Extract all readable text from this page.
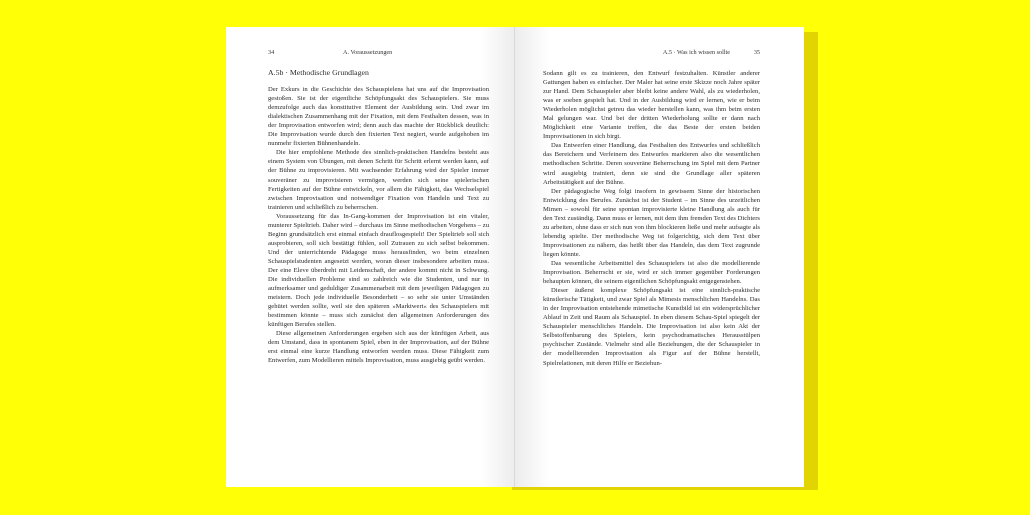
34	A. Voraussetzungen
A.5b · Methodische Grundlagen

Der Exkurs in die Geschichte des Schauspielens hat uns auf die Improvisation gestoßen. Sie ist der eigentliche Schöpfungsakt des Schauspielers. Sie muss demzufolge auch das konstitutive Element der Ausbildung sein. Und zwar im dialektischen Zusammenhang mit der Fixation, mit dem Festhalten dessen, was in der Improvisation entworfen wird; denn auch das machte der Rückblick deutlich: Die Improvisation wurde durch den fixierten Text negiert, wurde aufgehoben im nunmehr fixierten Bühnenhandeln.

Die hier empfohlene Methode des sinnlich-praktischen Handelns besteht aus einem System von Übungen, mit denen Schritt für Schritt erlernt werden kann, auf der Bühne zu improvisieren. Mit wachsender Erfahrung wird der Spieler immer souveräner zu improvisieren vermögen, werden sich seine spielerischen Fertigkeiten auf der Bühne entwickeln, vor allem die Fähigkeit, das Wechselspiel zwischen Improvisation und notwendiger Fixation von Handeln und Text zu trainieren und schließlich zu beherrschen.

Voraussetzung für das In-Gang-kommen der Improvisation ist ein vitaler, munterer Spieltrieb. Daher wird – durchaus im Sinne methodischen Vorgehens – zu Beginn grundsätzlich erst einmal einfach drauflosgespielt! Der Spieltrieb soll sich ausprobieren, soll sich bestätigt fühlen, soll Zutrauen zu sich selbst bekommen. Und der unterrichtende Pädagoge muss herausfinden, wo beim einzelnen Schauspielstudenten angesetzt werden, woran dieser insbesondere arbeiten muss. Der eine Eleve überdreht mit Leidenschaft, der andere kommt nicht in Schwung. Die individuellen Probleme sind so zahlreich wie die Studenten, und nur in aufmerksamer und geduldiger Zusammenarbeit mit dem jeweiligen Pädagogen zu meistern. Doch jede individuelle Besonderheit – so sehr sie unter Umständen gehütet werden sollte, weil sie den späteren »Marktwert« des Schauspielers mit bestimmen könnte – muss sich zunächst den allgemeinen Anforderungen des künftigen Berufes stellen.

Diese allgemeinen Anforderungen ergeben sich aus der künftigen Arbeit, aus dem Umstand, dass in spontanem Spiel, eben in der Improvisation, auf der Bühne erst einmal eine kurze Handlung entworfen werden muss. Diese Fähigkeit zum Entwerfen, zum Modellieren mittels Improvisation, muss ausgiebig geübt werden.

A.5 · Was ich wissen sollte	35

Sodann gilt es zu trainieren, den Entwurf festzuhalten. Künstler anderer Gattungen haben es einfacher. Der Maler hat seine erste Skizze noch Jahre später zur Hand. Dem Schauspieler aber bleibt keine andere Wahl, als zu wiederholen, was er soeben gespielt hat. Und in der Ausbildung wird er lernen, wie er beim Wiederholen möglichst getreu das wieder herstellen kann, was ihm beim ersten Mal gelungen war. Und bei der dritten Wiederholung sollte er dann nach Möglichkeit eine Variante treffen, die das Beste der ersten beiden Improvisationen in sich birgt.

Das Entwerfen einer Handlung, das Festhalten des Entwurfes und schließlich das Bereichern und Verfeinern des Entwurfes markieren also die wesentlichen methodischen Schritte. Deren souveräne Beherrschung im Spiel mit dem Partner wird ausgiebig trainiert, denn sie sind die Grundlage aller späteren Arbeitstätigkeit auf der Bühne.

Der pädagogische Weg folgt insofern in gewissem Sinne der historischen Entwicklung des Berufes. Zunächst ist der Student – im Sinne des urzeitlichen Mimen – sowohl für seine spontan improvisierte kleine Handlung als auch für den Text zuständig. Dann muss er lernen, mit dem ihm fremden Text des Dichters zu arbeiten, ohne dass er sich nun von ihm blockieren ließe und mehr aufsagte als lebendig spielte. Der methodische Weg ist folgerichtig, sich dem Text über Improvisationen zu nähern, das heißt über das Handeln, das dem Text zugrunde liegen könnte.

Das wesentliche Arbeitsmittel des Schauspielers ist also die modellierende Improvisation. Beherrscht er sie, wird er sich immer gegenüber Forderungen behaupten können, die seinem eigentlichen Schöpfungsakt entgegenstehen.

Dieser äußerst komplexe Schöpfungsakt ist eine sinnlich-praktische künstlerische Tätigkeit, und zwar Spiel als Mimesis menschlichen Handelns. Das in der Improvisation entstehende mimetische Kunstbild ist ein widersprüchlicher Ablauf in Zeit und Raum als Schauspiel. In eben diesem Schau-Spiel spiegelt der Schauspieler menschliches Handeln. Die Improvisation ist also kein Akt der Selbstoffenbarung des Spielers, kein psychodramatisches Herausstülpen psychischer Zustände. Vielmehr sind alle Beziehungen, die der Schauspieler in der modellierenden Improvisation als Figur auf der Bühne herstellt, Spielrelationen, mit deren Hilfe er Beziehun-
